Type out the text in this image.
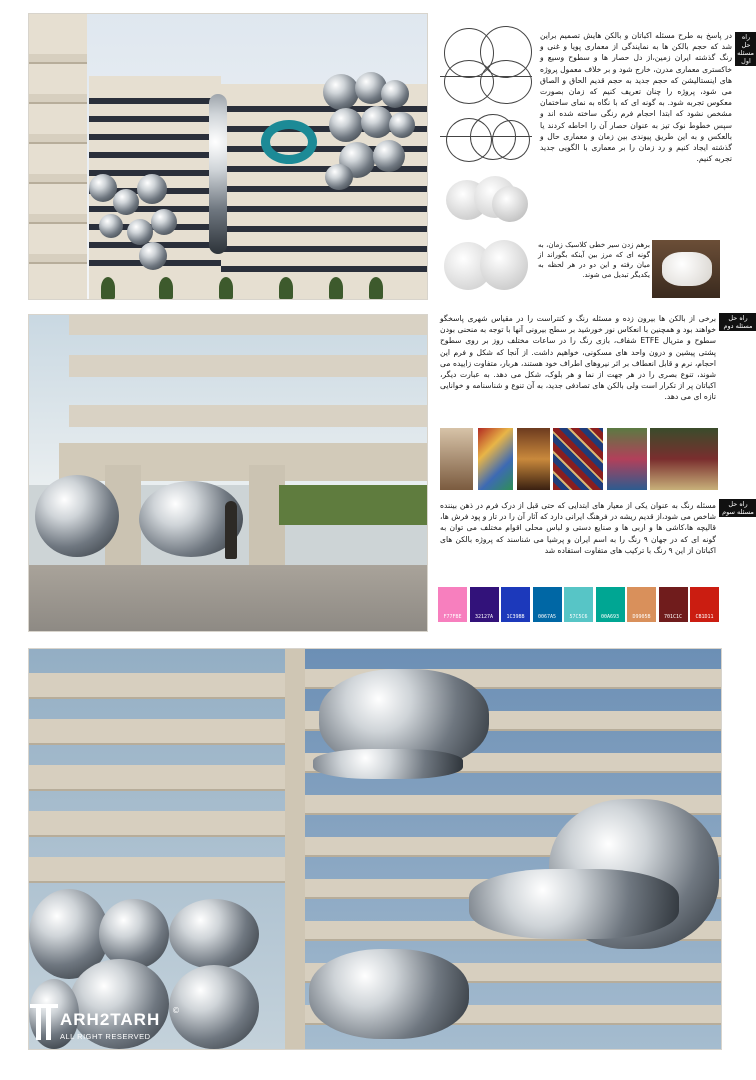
راه حل مسئله اول
در پاسخ به طرح مسئله اکباتان و بالکن هایش تصمیم براین شد که حجم بالکن ها به نمایندگی از معماری پویا و غنی و رنگ گذشته ایران زمین،از دل حصار ها و سطوح وسیع و خاکستری معماری مدرن، خارج شود و بر خلاف معمول پروژه های اینستالیشن که حجم جدید به حجم قدیم الحاق و الصاق می شود، پروژه را چنان تعریف کنیم که زمان بصورت معکوس تجربه شود. به گونه ای که با نگاه به نمای ساختمان مشخص نشود که ابتدا احجام فرم رنگی ساخته شده اند و سپس خطوط نوک تیز به عنوان حصار آن را احاطه کردند یا بالعکس و به این طریق پیوندی بین زمان و معماری حال و گذشته ایجاد کنیم و رد زمان را بر معماری با الگویی جدید تجربه کنیم.
برهم زدن سیر خطی کلاسیک زمان، به گونه ای که مرز بین آینکه بگوراند از میان رفته و این دو در هر لحظه به یکدیگر تبدیل می شوند.
راه حل مسئله دوم
برخی از بالکن ها بیرون زده و مسئله رنگ و کنتراست را در مقیاس شهری پاسخگو خواهند بود و همچنین با انعکاس نور خورشید بر سطح بیرونی آنها با توجه به منحنی بودن سطوح و متریال ETFE شفاف، بازی رنگ را در ساعات مختلف روز بر روی سطوح پشتی پیشین و درون واحد های مسکونی، خواهیم داشت. از آنجا که شکل و فرم این احجام، نرم و قابل انعطاف بر اثر نیروهای اطراف خود هستند، هربار، متفاوت زاییده می شوند، تنوع بصری را در هر جهت از نما و هر بلوک، شکل می دهد. به عبارت دیگر، اکباتان پر از تکرار است ولی بالکن های تصادفی جدید، به آن تنوع و شناسنامه و خوانایی تازه ای می دهد.
راه حل مسئله سوم
مسئله رنگ به عنوان یکی از معیار های ابتدایی که حتی قبل از درک فرم در ذهن بیننده شاخص می شود،از قدیم ریشه در فرهنگ ایرانی دارد که آثار آن را در تار و پود فرش ها، قالیچه ها،کاشی ها و اربی ها و صنایع دستی و لباس محلی اقوام مختلف می توان به گونه ای که در جهان ۹ رنگ را به اسم ایران و پرشیا می شناسند که پروژه بالکن های اکباتان از این ۹ رنگ با ترکیب های متفاوت استفاده شد
F77FBE	32127A	1C39BB	0067A5	57C5C6	00A693	D9905B	701C1C	CB1D11
ARH2TARH ©
ALL RIGHT RESERVED
